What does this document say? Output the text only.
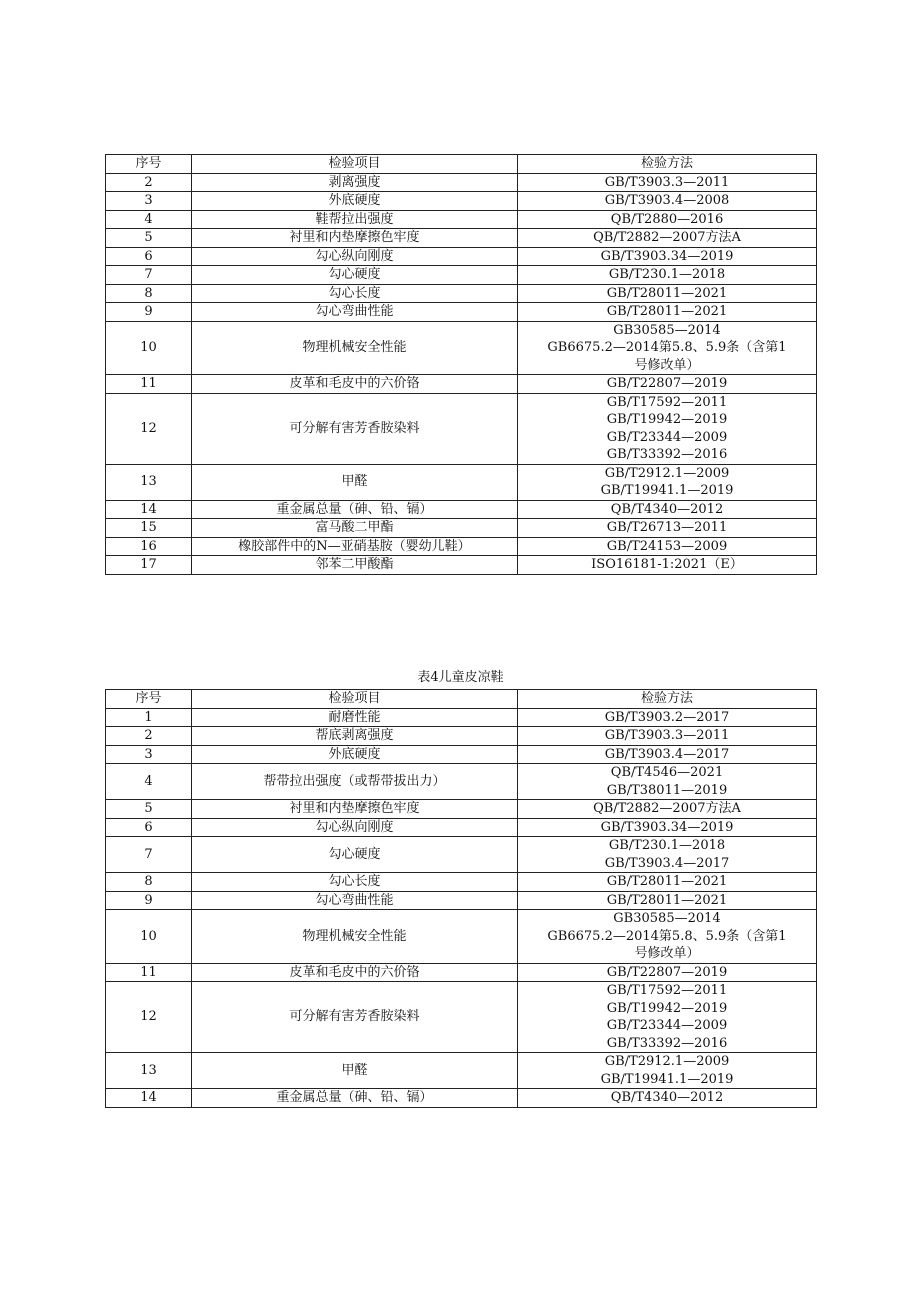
序号	检验项目	检验方法
2	剥离强度	GB/T3903.3—2011

3	外底硬度	GB/T3903.4—2008

4	鞋帮拉出强度	QB/T2880—2016

5	衬里和内垫摩擦色牢度	QB/T2882—2007方法A

6	勾心纵向刚度	GB/T3903.34—2019

7	勾心硬度	GB/T230.1—2018

8	勾心长度	GB/T28011—2021

9	勾心弯曲性能	GB/T28011—2021

10	物理机械安全性能	GB30585—2014
GB6675.2—2014第5.8、5.9条（含第1
号修改单）

11	皮革和毛皮中的六价铬	GB/T22807—2019

12	可分解有害芳香胺染料	GB/T17592—2011
GB/T19942—2019
GB/T23344—2009
GB/T33392—2016

13	甲醛	GB/T2912.1—2009
GB/T19941.1—2019

14	重金属总量（砷、铅、镉）	QB/T4340—2012

15	富马酸二甲酯	GB/T26713—2011

16	橡胶部件中的N—亚硝基胺（婴幼儿鞋）	GB/T24153—2009

17	邻苯二甲酸酯	ISO16181-1:2021（E）
表4儿童皮凉鞋
序号	检验项目	检验方法
1	耐磨性能	GB/T3903.2—2017

2	帮底剥离强度	GB/T3903.3—2011

3	外底硬度	GB/T3903.4—2017

4	帮带拉出强度（或帮带拔出力）	QB/T4546—2021
GB/T38011—2019

5	衬里和内垫摩擦色牢度	QB/T2882—2007方法A

6	勾心纵向刚度	GB/T3903.34—2019

7	勾心硬度	GB/T230.1—2018
GB/T3903.4—2017

8	勾心长度	GB/T28011—2021

9	勾心弯曲性能	GB/T28011—2021

10	物理机械安全性能	GB30585—2014
GB6675.2—2014第5.8、5.9条（含第1
号修改单）

11	皮革和毛皮中的六价铬	GB/T22807—2019

12	可分解有害芳香胺染料	GB/T17592—2011
GB/T19942—2019
GB/T23344—2009
GB/T33392—2016

13	甲醛	GB/T2912.1—2009
GB/T19941.1—2019

14	重金属总量（砷、铅、镉）	QB/T4340—2012
